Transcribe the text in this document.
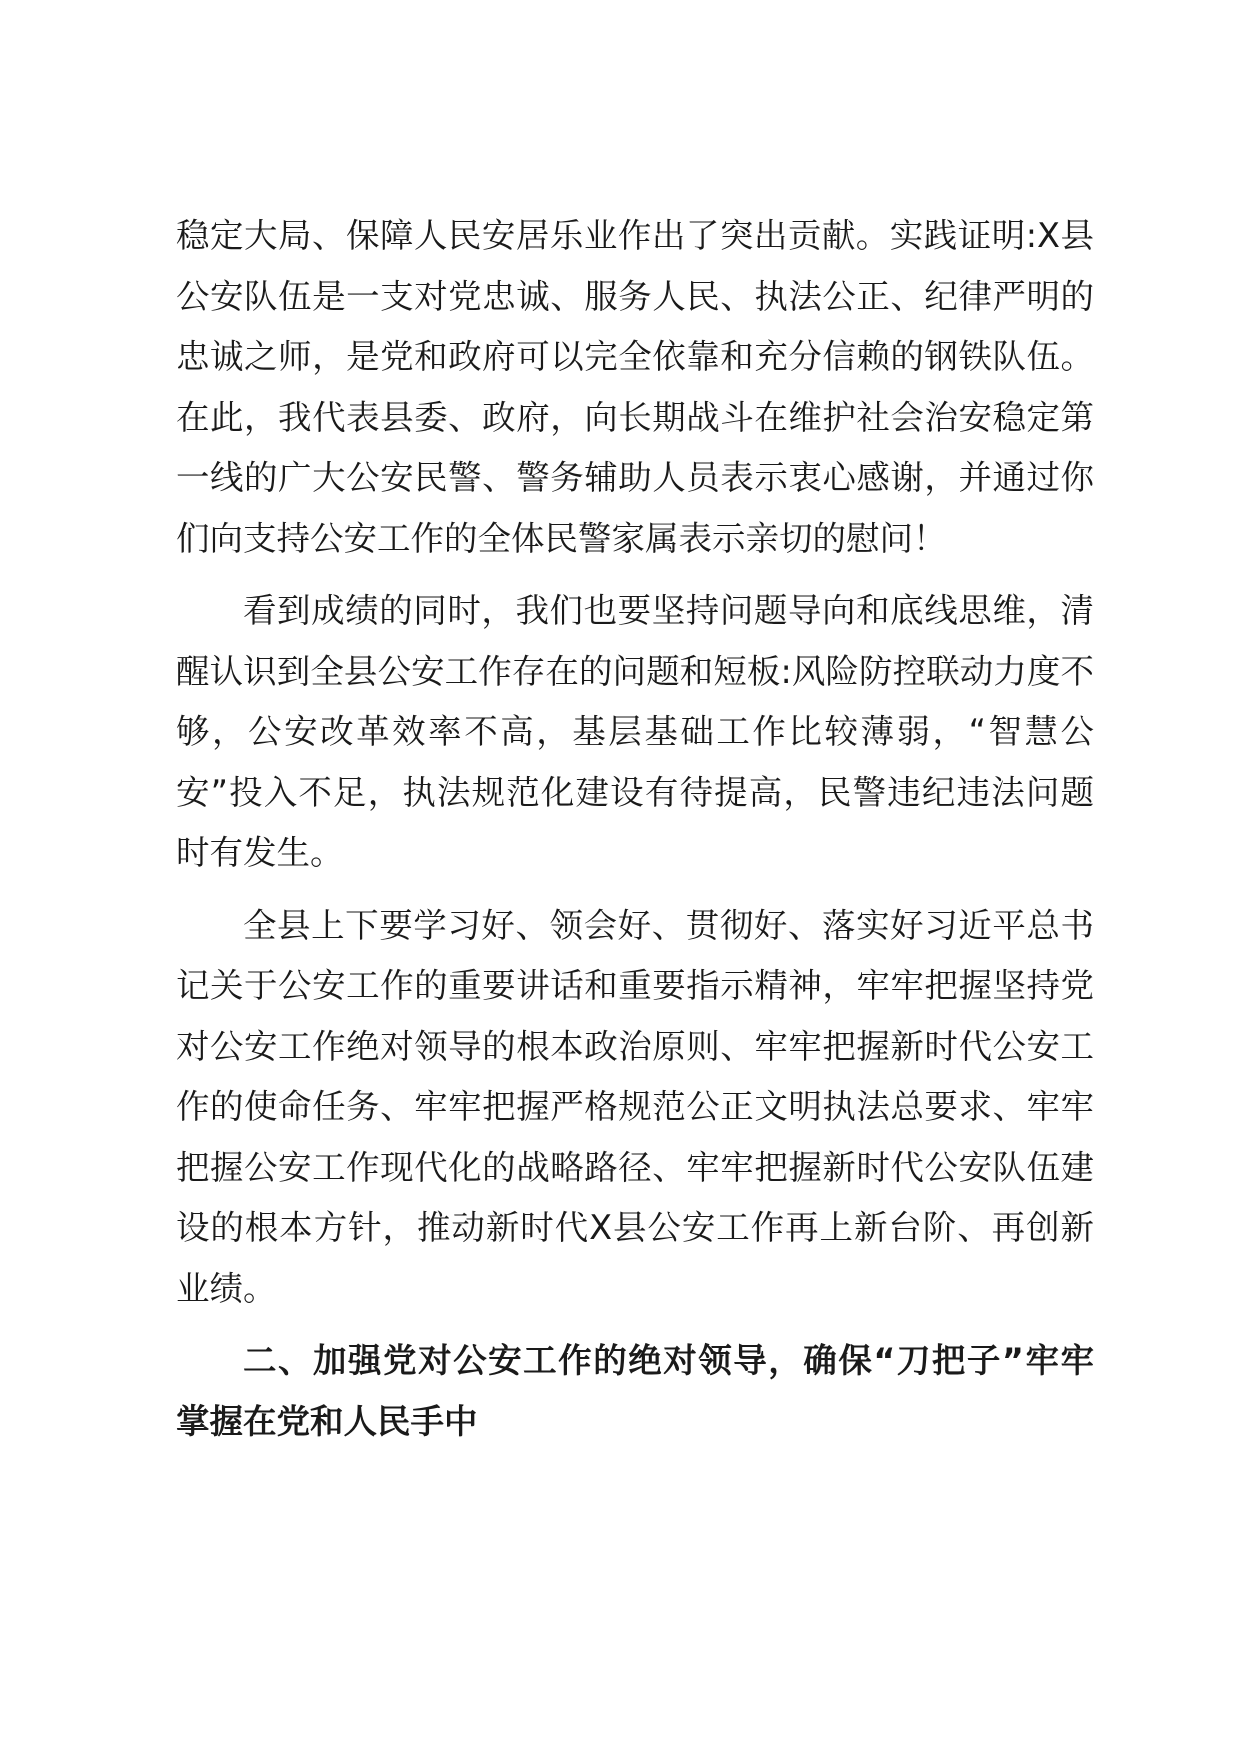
稳定大局、保障人民安居乐业作出了突出贡献。实践证明:X县
公安队伍是一支对党忠诚、服务人民、执法公正、纪律严明的
忠诚之师，是党和政府可以完全依靠和充分信赖的钢铁队伍。
在此，我代表县委、政府，向长期战斗在维护社会治安稳定第
一线的广大公安民警、警务辅助人员表示衷心感谢，并通过你
们向支持公安工作的全体民警家属表示亲切的慰问！
看到成绩的同时，我们也要坚持问题导向和底线思维，清
醒认识到全县公安工作存在的问题和短板:风险防控联动力度不
够，公安改革效率不高，基层基础工作比较薄弱，“智慧公
安”投入不足，执法规范化建设有待提高，民警违纪违法问题
时有发生。
全县上下要学习好、领会好、贯彻好、落实好习近平总书
记关于公安工作的重要讲话和重要指示精神，牢牢把握坚持党
对公安工作绝对领导的根本政治原则、牢牢把握新时代公安工
作的使命任务、牢牢把握严格规范公正文明执法总要求、牢牢
把握公安工作现代化的战略路径、牢牢把握新时代公安队伍建
设的根本方针，推动新时代X县公安工作再上新台阶、再创新
业绩。
二、加强党对公安工作的绝对领导，确保“刀把子”牢牢
掌握在党和人民手中
